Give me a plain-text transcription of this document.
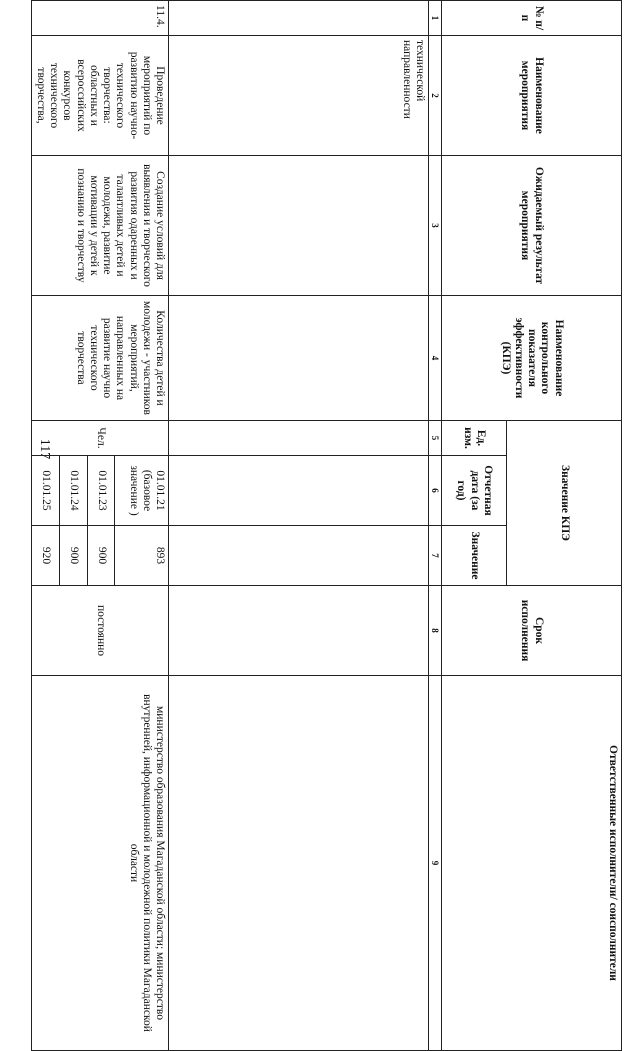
117
№ п/п	Наименование мероприятия	Ожидаемый результат мероприятия	Наименование контрольного показателя эффективности (КПЭ)	Значение КПЭ			Срок исполнения	Ответственные исполнители/ соисполнители
				Ед. изм.	Отчетная дата (за год)	Значение		
1	2	3	4	5	6	7	8	9
	технической направленности							
11.4.	Проведение мероприятий по развитию научно-технического творчества: областных и всероссийских конкурсов технического творчества,	Создание условий для выявления и творческого развития одаренных и талантливых детей и молодежи, развитие мотивации у детей к познанию и творчеству	Количества детей и молодежи - участников мероприятий, направленных на развитие научно технического творчества	Чел.	01.01.21 (базовое значение )	893	постоянно	министерство образования Магаданской области; министерство внутренней, информационной и молодежной политики Магаданской области
					01.01.23	900		
					01.01.24	900		
					01.01.25	920		
